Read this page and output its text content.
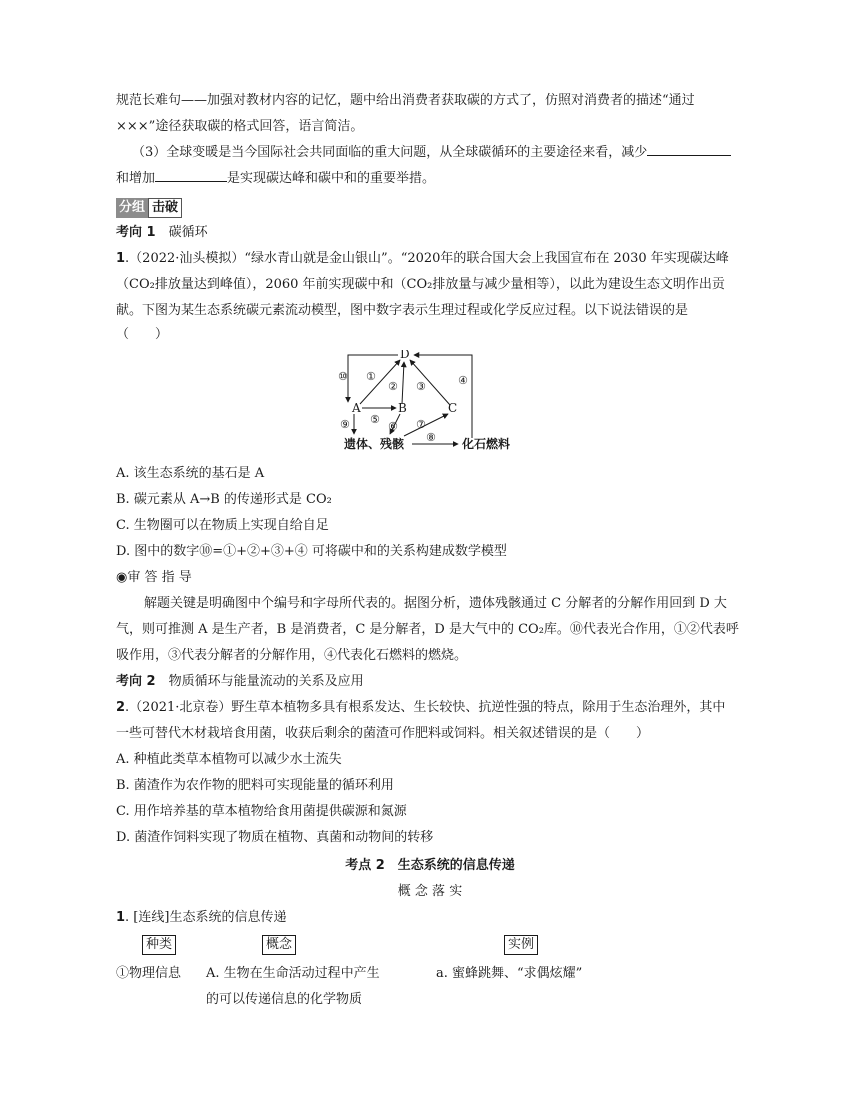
规范长难句——加强对教材内容的记忆，题中给出消费者获取碳的方式了，仿照对消费者的描述“通过

×××”途径获取碳的格式回答，语言简洁。

（3）全球变暖是当今国际社会共同面临的重大问题，从全球碳循环的主要途径来看，减少

和增加	是实现碳达峰和碳中和的重要举措。

分组 击破

考向 1　 碳循环

1.（2022·汕头模拟）“绿水青山就是金山银山”。“2020年的联合国大会上我国宣布在 2030 年实现碳达峰

（CO₂排放量达到峰值），2060 年前实现碳中和（CO₂排放量与减少量相等），以此为建设生态文明作出贡

献。下图为某生态系统碳元素流动模型，图中数字表示生理过程或化学反应过程。以下说法错误的是

（　　）

D
A	B	C
遗体、残骸	化石燃料
⑩ ①
② ③	④
⑤
⑨	⑥ ⑦
⑧

A. 该生态系统的基石是 A

B. 碳元素从 A→B 的传递形式是 CO₂

C. 生物圈可以在物质上实现自给自足

D. 图中的数字⑩=①+②+③+④ 可将碳中和的关系构建成数学模型

◉审 答 指 导

解题关键是明确图中个编号和字母所代表的。据图分析，遗体残骸通过 C 分解者的分解作用回到 D 大

气，则可推测 A 是生产者，B 是消费者，C 是分解者，D 是大气中的 CO₂库。⑩代表光合作用，①②代表呼

吸作用，③代表分解者的分解作用，④代表化石燃料的燃烧。

考向 2　 物质循环与能量流动的关系及应用

2.（2021·北京卷）野生草本植物多具有根系发达、生长较快、抗逆性强的特点，除用于生态治理外，其中

一些可替代木材栽培食用菌，收获后剩余的菌渣可作肥料或饲料。相关叙述错误的是（　　）

A. 种植此类草本植物可以减少水土流失

B. 菌渣作为农作物的肥料可实现能量的循环利用

C. 用作培养基的草本植物给食用菌提供碳源和氮源

D. 菌渣作饲料实现了物质在植物、真菌和动物间的转移

考点 2　生态系统的信息传递

概 念 落 实

1. [连线]生态系统的信息传递

种类	概念	实例
①物理信息 A. 生物在生命活动过程中产生	a. 蜜蜂跳舞、“求偶炫耀”
的可以传递信息的化学物质
